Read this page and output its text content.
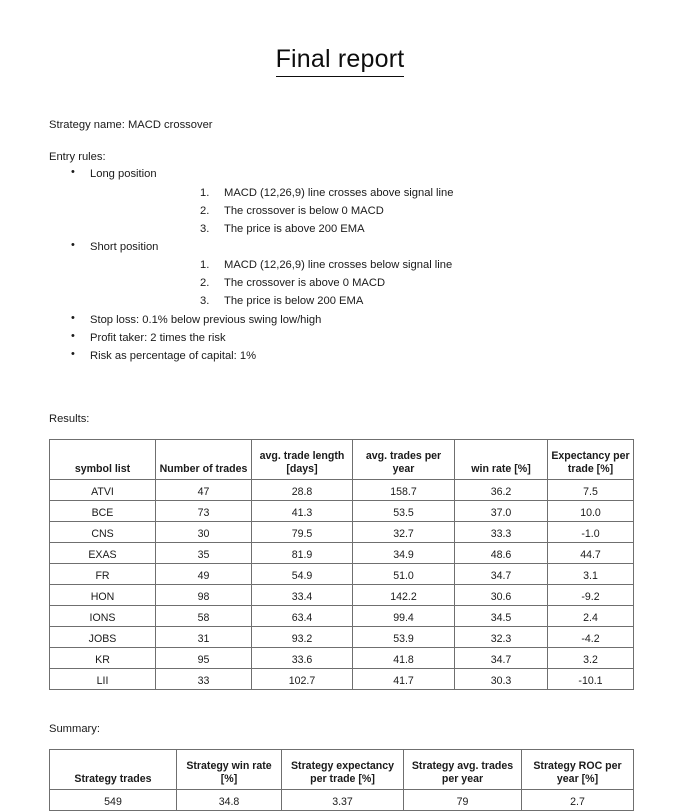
Final report

Strategy name: MACD crossover

Entry rules:

• Long position
1. MACD (12,26,9) line crosses above signal line
2. The crossover is below 0 MACD
3. The price is above 200 EMA
• Short position
1. MACD (12,26,9) line crosses below signal line
2. The crossover is above 0 MACD
3. The price is below 200 EMA
• Stop loss: 0.1% below previous swing low/high
• Profit taker: 2 times the risk
• Risk as percentage of capital: 1%

Results:

symbol list	Number of trades	avg. trade length [days]	avg. trades per year	win rate [%]	Expectancy per trade [%]
ATVI	47	28.8	158.7	36.2	7.5
BCE	73	41.3	53.5	37.0	10.0
CNS	30	79.5	32.7	33.3	-1.0
EXAS	35	81.9	34.9	48.6	44.7
FR	49	54.9	51.0	34.7	3.1
HON	98	33.4	142.2	30.6	-9.2
IONS	58	63.4	99.4	34.5	2.4
JOBS	31	93.2	53.9	32.3	-4.2
KR	95	33.6	41.8	34.7	3.2
LII	33	102.7	41.7	30.3	-10.1

Summary:

Strategy trades	Strategy win rate [%]	Strategy expectancy per trade [%]	Strategy avg. trades per year	Strategy ROC per year [%]
549	34.8	3.37	79	2.7
